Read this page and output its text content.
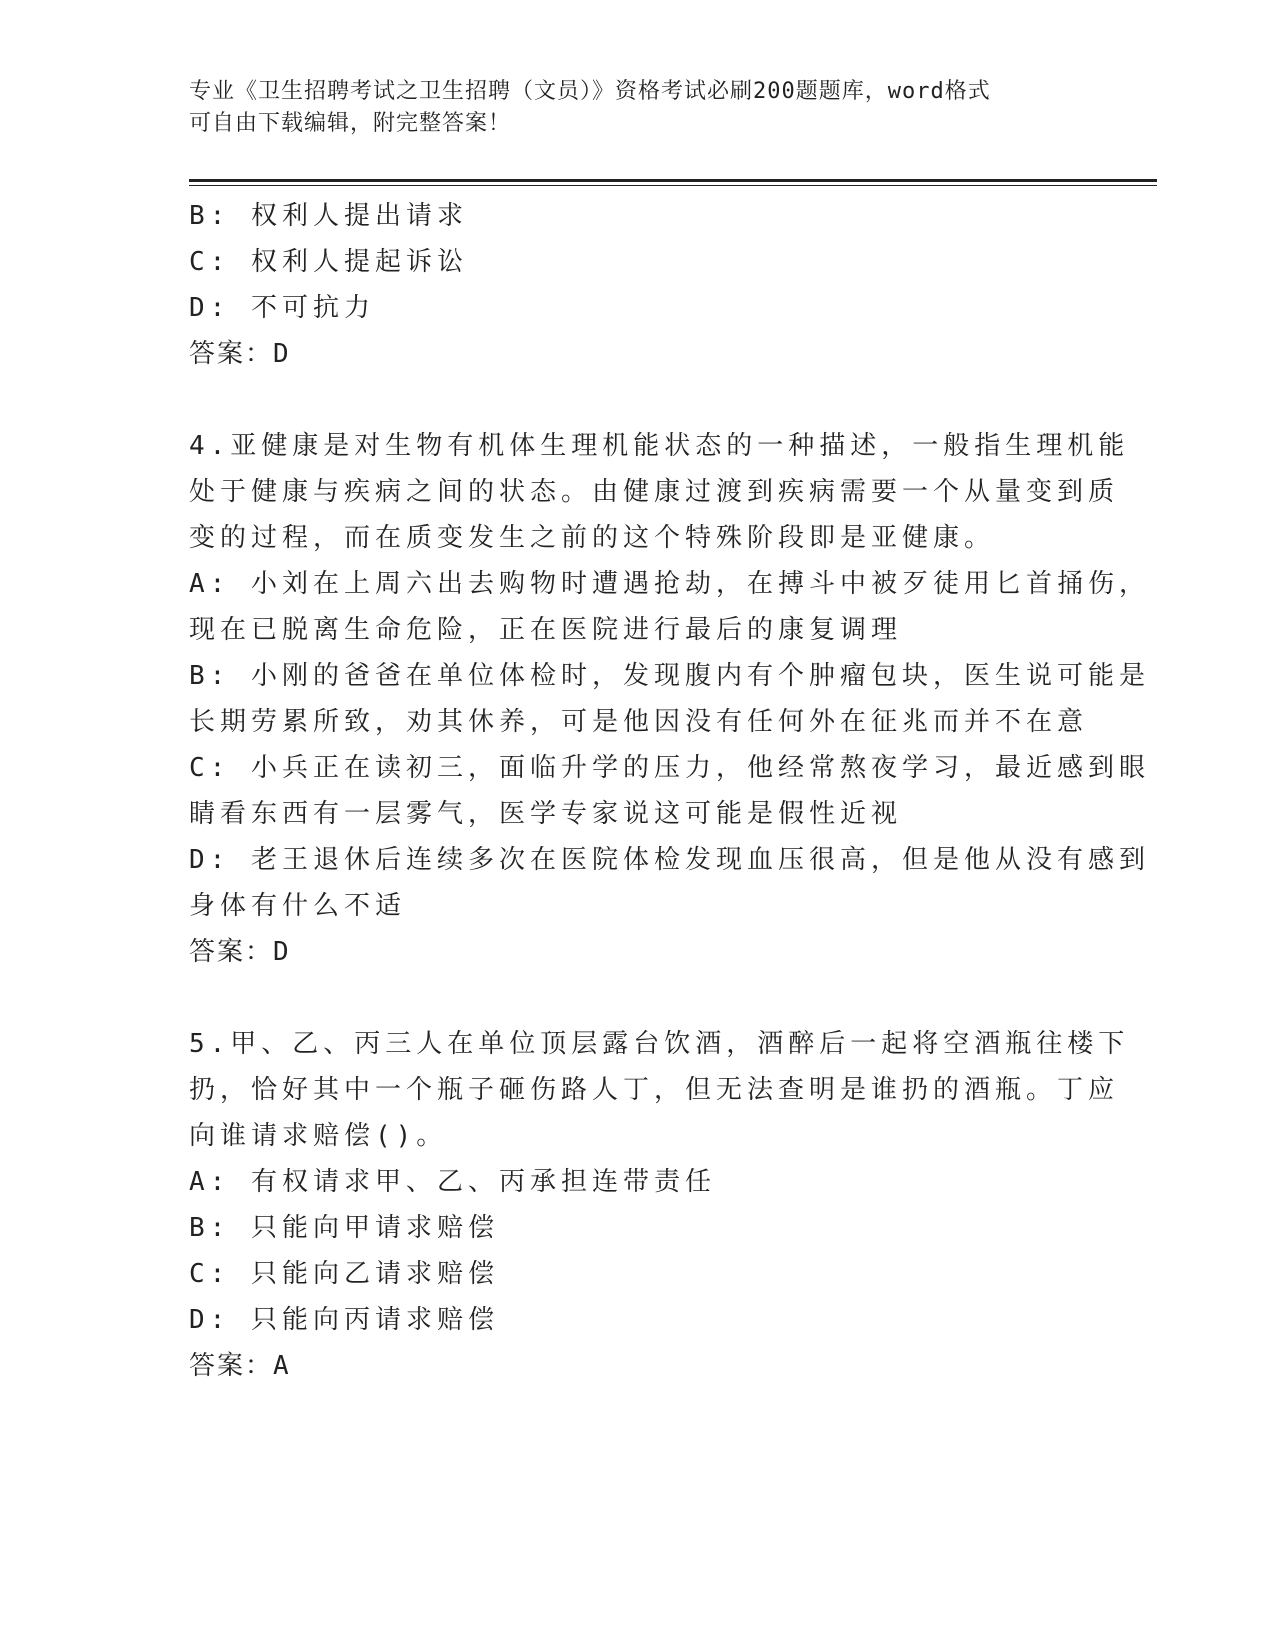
专业《卫生招聘考试之卫生招聘（文员）》资格考试必刷200题题库，word格式
可自由下载编辑，附完整答案！
B: 权利人提出请求
C: 权利人提起诉讼
D: 不可抗力
答案：D
4.亚健康是对生物有机体生理机能状态的一种描述，一般指生理机能
处于健康与疾病之间的状态。由健康过渡到疾病需要一个从量变到质
变的过程，而在质变发生之前的这个特殊阶段即是亚健康。
A: 小刘在上周六出去购物时遭遇抢劫，在搏斗中被歹徒用匕首捅伤，
现在已脱离生命危险，正在医院进行最后的康复调理
B: 小刚的爸爸在单位体检时，发现腹内有个肿瘤包块，医生说可能是
长期劳累所致，劝其休养，可是他因没有任何外在征兆而并不在意
C: 小兵正在读初三，面临升学的压力，他经常熬夜学习，最近感到眼
睛看东西有一层雾气，医学专家说这可能是假性近视
D: 老王退休后连续多次在医院体检发现血压很高，但是他从没有感到
身体有什么不适
答案：D
5.甲、乙、丙三人在单位顶层露台饮酒，酒醉后一起将空酒瓶往楼下
扔，恰好其中一个瓶子砸伤路人丁，但无法查明是谁扔的酒瓶。丁应
向谁请求赔偿()。
A: 有权请求甲、乙、丙承担连带责任
B: 只能向甲请求赔偿
C: 只能向乙请求赔偿
D: 只能向丙请求赔偿
答案：A
